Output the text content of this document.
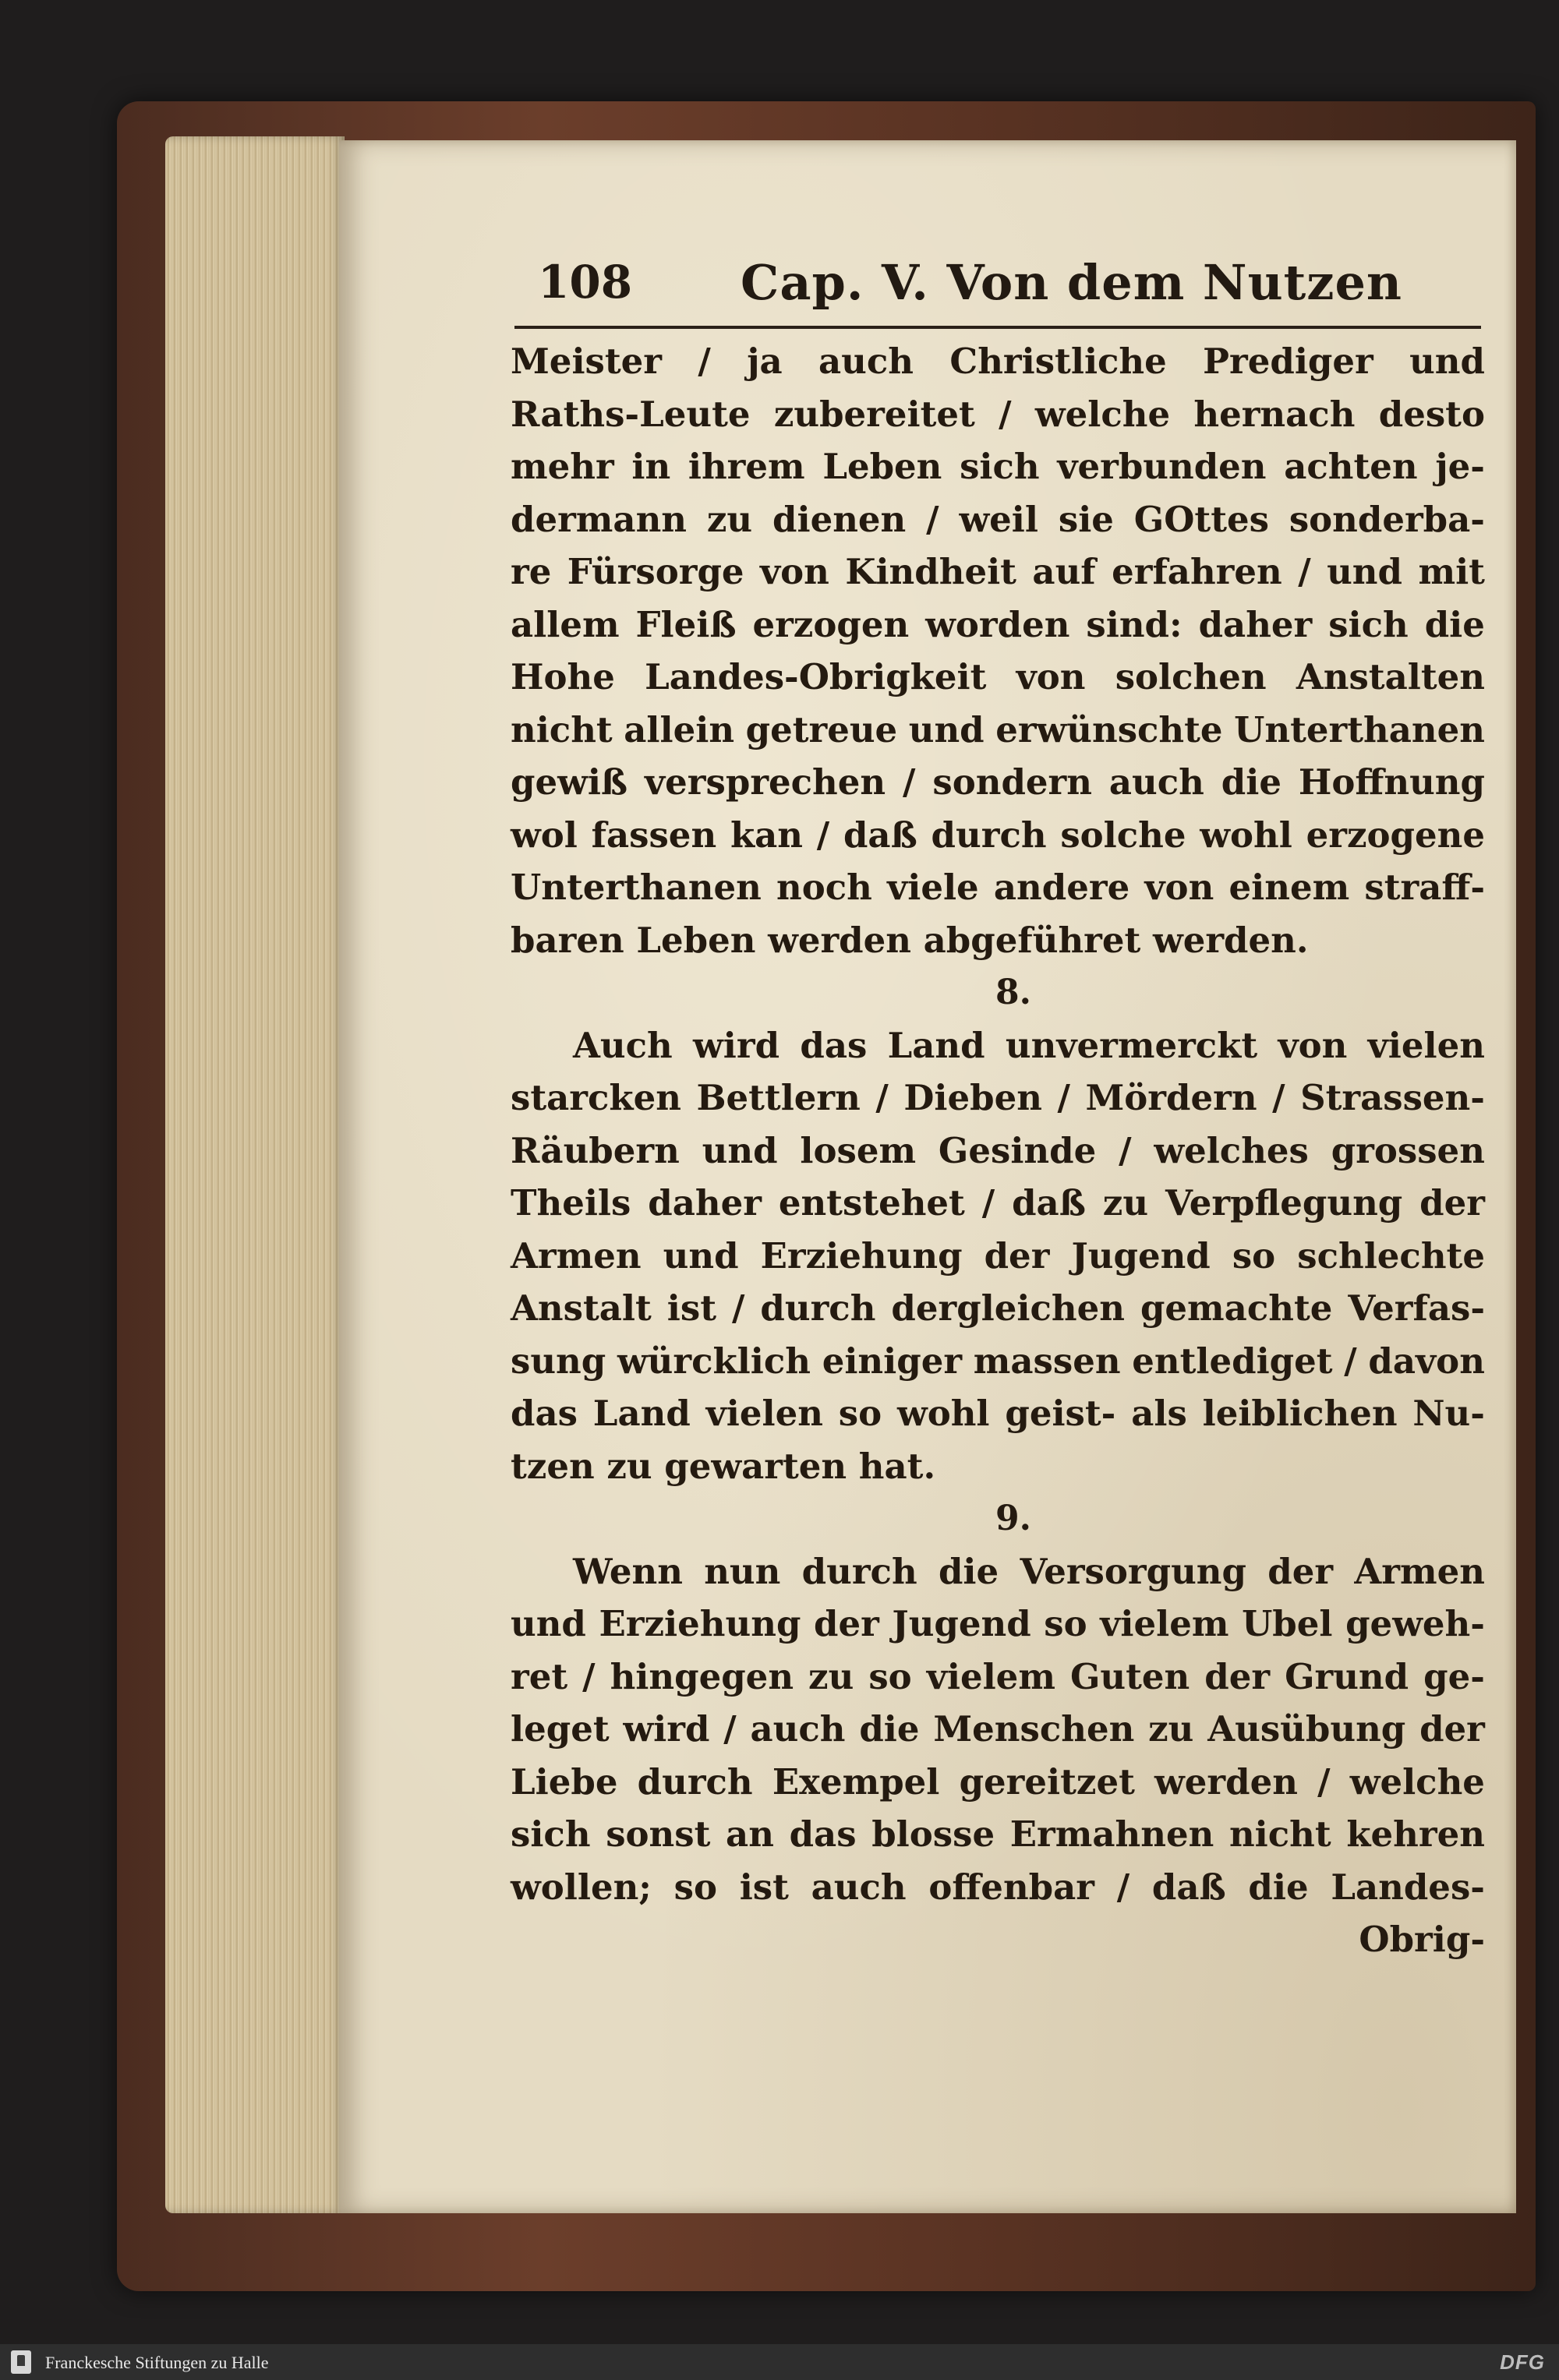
108 Cap. V. Von dem Nutzen
Meister / ja auch Christliche Prediger und
Raths-Leute zubereitet / welche hernach desto
mehr in ihrem Leben sich verbunden achten je-
dermann zu dienen / weil sie GOttes sonderba-
re Fürsorge von Kindheit auf erfahren / und mit
allem Fleiß erzogen worden sind: daher sich die
Hohe Landes-Obrigkeit von solchen Anstalten
nicht allein getreue und erwünschte Unterthanen
gewiß versprechen / sondern auch die Hoffnung
wol fassen kan / daß durch solche wohl erzogene
Unterthanen noch viele andere von einem straff-
baren Leben werden abgeführet werden.
8.
Auch wird das Land unvermerckt von vielen
starcken Bettlern / Dieben / Mördern / Strassen-
Räubern und losem Gesinde / welches grossen
Theils daher entstehet / daß zu Verpflegung der
Armen und Erziehung der Jugend so schlechte
Anstalt ist / durch dergleichen gemachte Verfas-
sung würcklich einiger massen entlediget / davon
das Land vielen so wohl geist- als leiblichen Nu-
tzen zu gewarten hat.
9.
Wenn nun durch die Versorgung der Armen
und Erziehung der Jugend so vielem Ubel geweh-
ret / hingegen zu so vielem Guten der Grund ge-
leget wird / auch die Menschen zu Ausübung der
Liebe durch Exempel gereitzet werden / welche
sich sonst an das blosse Ermahnen nicht kehren
wollen; so ist auch offenbar / daß die Landes-
Obrig-
Franckesche Stiftungen zu Halle	DFG
